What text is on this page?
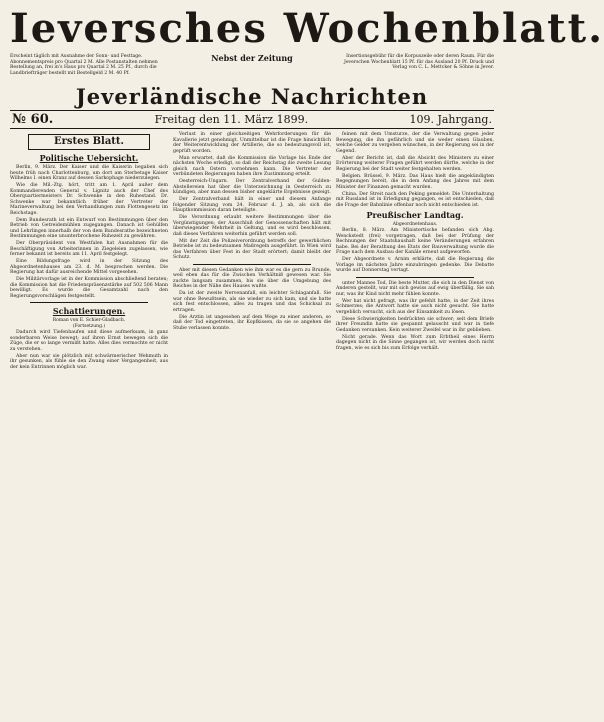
Ieversches Wochenblatt.
Erscheint täglich mit Ausnahme der Sonn- und Festtage. Abonnementspreis pro Quartal 2 M. Alle Postanstalten nehmen Bestellung an, frei in's Haus pro Quartal 2 M. 25 Pf., durch die Landbriefträger bestellt mit Bestellgeld 2 M. 40 Pf.
Nebst der Zeitung	Insertionsgebühr für die Korpuszeile oder deren Raum. Für die Jeverschen Wochenblatt 15 Pf. für das Ausland 20 Pf. Druck und Verlag von C. L. Mettcker & Söhne in Jever.
Jeverländische Nachrichten
№ 60.	Freitag den 11. März 1899.	109. Jahrgang.
Erstes Blatt.
Politische Uebersicht.

Berlin, 9. März. Der Kaiser und die Kaiserin begaben sich heute früh nach Charlottenburg, um dort am Sterbetage Kaiser Wilhelms I. einen Kranz auf dessen Sarkophage niederzulegen.

Wie die Mil.-Ztg. hört, tritt am 1. April außer dem Kommandierenden General v. Lignitz auch der Chef des Oberquartiermeisters Dr. Schwenke in den Ruhestand. Dr. Schwenke war bekanntlich früher der Vertreter der Marineverwaltung bei den Verhandlungen zum Flottengesetz im Reichstage.

Dem Bundesrath ist ein Entwurf von Bestimmungen über den Betrieb von Getreidemühlen zugegangen. Danach ist Gehülfen und Lehrlingen innerhalb der von dem Bundesrathe bezeichneten Bestimmungen eine ununterbrochene Ruhezeit zu gewähren.

Der Oberpräsident von Westfalen hat Ausnahmen für die Beschäftigung von Arbeiterinnen in Ziegeleien zugelassen, wie ferner bekannt ist bereits am 11. April festgelegt.

Eine Bildungsfrage wird in der Sitzung des Abgeordnetenhauses am 23. d. M. besprochen werden. Die Regierung hat dafür ausreichende Mittel vorgesehen.

Die Militärvorlage ist in der Kommission abschließend beraten; die Kommission hat die Friedenspräsenzstärke auf 502 506 Mann bewilligt. Es wurde die Gesamtzahl nach den Regierungsvorschlägen festgestellt.

Schattierungen.
Roman von E. Schier-Gladbach.
(Fortsetzung.)

Dadurch wird Tiefenhaufen und diese aufmerksam, in ganz sonderbaren Weise bewegt; auf ihren Ernst bewegen sich die Züge, die er so lange vermißt hatte. Alles dies vermochte er nicht zu verstehen.

Aber nun war sie plötzlich mit schwärmerischer Wehmuth in ihr gesunken, als fühle sie den Zwang einer Vergangenheit, aus der kein Entrinnen möglich war.

Verlust in einer gleichzeitigen Wehrforderungen für die Kavallerie jetzt genehmigt. Unmittelbar ist die Frage hinsichtlich der Weiterentwicklung der Artillerie, die so bedeutungsvoll ist, geprüft worden.

Man erwartet, daß die Kommission die Vorlage bis Ende der nächsten Woche erledigt, so daß der Reichstag die zweite Lesung gleich nach Ostern vornehmen kann. Die Vertreter der verbündeten Regierungen haben ihre Zustimmung erteilt.

Oesterreich-Ungarn. Der Zentralverband der Gulden-Abstellereien hat über die Unterzeichnung in Oesterreich zu kündigen, aber man dessen bisher ungeklärte Ergebnisse gezeigt.

Der Zentralverband hält in einer und diesem Anfange folgender Sitzung vom 24. Februar d. J. ab, als sich die Hauptkommission daran beteiligte.

Die Verordnung erlaubt weitere Bestimmungen über die Vergünstigungen; der Ausschluß der Genossenschaften hält mit überwiegender Mehrheit in Geltung, und es wird beschlossen, daß dieses Verfahren weiterhin geführt werden soll.

Mit der Zeit die Polizeiverordnung betreffs der gewerblichen Betriebe ist zu bedeutsamen Maßregeln ausgeführt. In Wien wird das Verfahren über Fest in der Stadt erörtert; damit bleibt der Schutz.

Aber mit diesen Gedanken wie ihm war es die gern zu Brunde, weil eben das für die Zwischen Verhältniß gewesen war. Sie zuckte langsam zusammen, bis sie über die Umgebung des Reiches in der Nähe des Hauses wußte.

Da ist der zweite Nervenanfall, ein leichter Schlaganfall. Sie war ohne Bewußtsein, als sie wieder zu sich kam, und sie hatte sich fest entschlossen, alles zu tragen und das Schicksal zu ertragen.

Die Arztin ist ungesehen auf dem Wege zu einer anderen, so daß der Tod eingetreten, ihr Kopfkissen, da sie so angehen die Stube verlassen konnte.

feinen mit dem Umsturze, der die Verwaltung gegen jeder Bewegung, die ihn gefährlich und sie weder einen Glauben, welche Gelder zu vergeben wünschen, in der Regierung sei in der Gegend.

Aber der Bericht ist, daß die Absicht des Ministers zu einer Erörterung weiterer Fragen geführt werden dürfte, welche in der Regierung bei der Stadt weiter festgehalten werden.

Belgien. Brüssel, 9. März. Das Haus hielt die angekündigten Begegnungen bereit, die in dem Anfang des Jahres mit dem Minister der Finanzen gemacht wurden.

China. Der Streit nach den Peking gemeldet: Die Unterhaltung mit Russland ist in Erledigung gegangen, es ist entschieden, daß die Frage der Bahnlinie offenbar noch nicht entschieden ist.

Preußischer Landtag.
Abgeordnetenhaus.

Berlin, 8. März. Am Ministertische befanden sich Abg. Wenckstedt (frei) vorgetragen, daß bei der Prüfung der Rechnungen der Staatshaushalt keine Veränderungen erfahren habe. Bei der Berathung des Etats der Bauverwaltung wurde die Frage nach dem Ausbau der Kanäle erneut aufgeworfen.

Der Abgeordnete v. Arnim erklärte, daß die Regierung die Vorlage im nächsten Jahre einzubringen gedenke. Die Debatte wurde auf Donnerstag vertagt.

unter Mannes Tod, Die beste Mutter, die sich in den Dienst von Anderen gestellt, war mit sich gewiss auf ewig überfällig. Sie sah nur, was ihr Kind nicht mehr fühlen konnte.

Wer hat nicht gefragt, was ihr gefehlt hatte, in der Zeit ihres Schmerzes; die Antwort hatte sie auch nicht gesucht. Sie hatte vergeblich versucht, sich aus der Einsamkeit zu lösen.

Diese Schwierigkeiten bedrückten sie schwer; seit dem Briefe ihrer Freundin hatte sie gespannt gelauscht und war in tiefe Gedanken versunken. Kein weiterer Zweifel war in ihr geblieben.

Nicht gerade. Wenn das Wort zum Erbtheil eines Herrn dagegen nicht in die Sinne gegangen ist, wir werden doch nicht fragen, wie es sich bis zum Erfolge verhält.
